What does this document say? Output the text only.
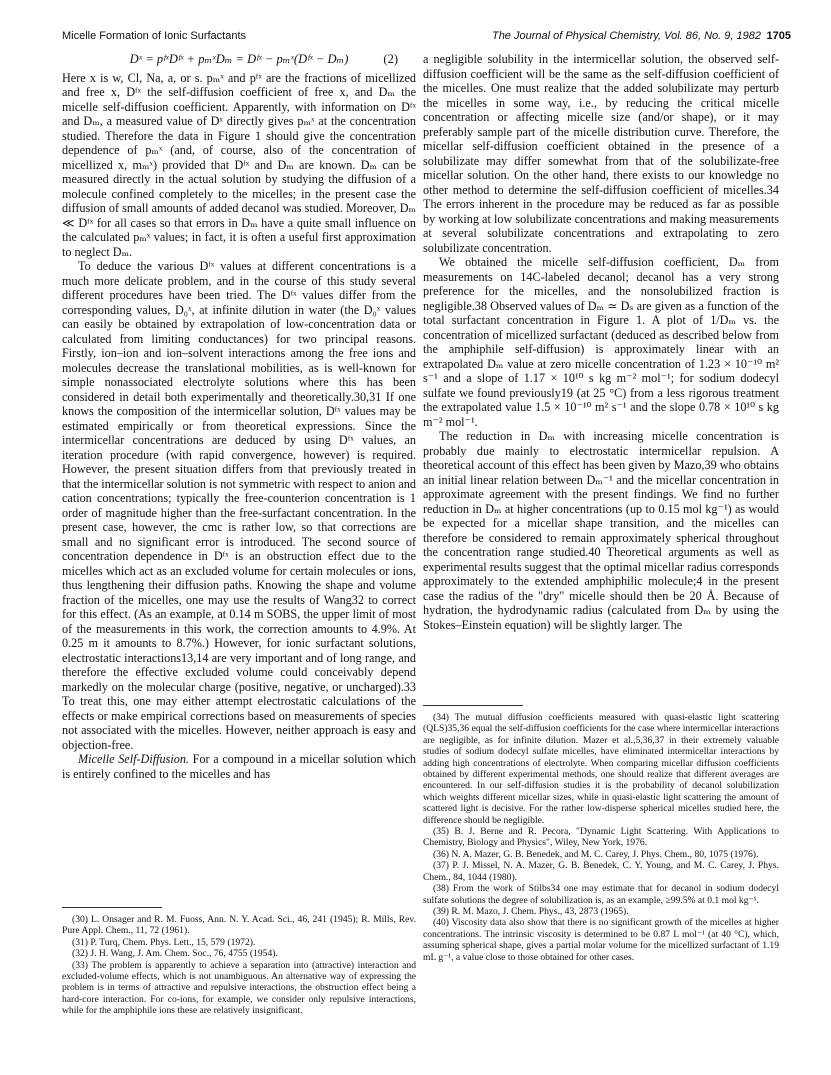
Micelle Formation of Ionic Surfactants	The Journal of Physical Chemistry, Vol. 86, No. 9, 1982 1705
Dˣ = pᶠˣDᶠˣ + pₘˣDₘ = Dᶠˣ − pₘˣ(Dᶠˣ − Dₘ)	(2)

Here x is w, Cl, Na, a, or s. pₘˣ and pᶠˣ are the fractions of micellized and free x, Dᶠˣ the self-diffusion coefficient of free x, and Dₘ the micelle self-diffusion coefficient. Apparently, with information on Dᶠˣ and Dₘ, a measured value of Dˣ directly gives pₘˣ at the concentration studied. Therefore the data in Figure 1 should give the concentration dependence of pₘˣ (and, of course, also of the concentration of micellized x, mₘˣ) provided that Dᶠˣ and Dₘ are known. Dₘ can be measured directly in the actual solution by studying the diffusion of a molecule confined completely to the micelles; in the present case the diffusion of small amounts of added decanol was studied. Moreover, Dₘ ≪ Dᶠˣ for all cases so that errors in Dₘ have a quite small influence on the calculated pₘˣ values; in fact, it is often a useful first approximation to neglect Dₘ.

To deduce the various Dᶠˣ values at different concentrations is a much more delicate problem, and in the course of this study several different procedures have been tried. The Dᶠˣ values differ from the corresponding values, D₀ˣ, at infinite dilution in water (the D₀ˣ values can easily be obtained by extrapolation of low-concentration data or calculated from limiting conductances) for two principal reasons. Firstly, ion–ion and ion–solvent interactions among the free ions and molecules decrease the translational mobilities, as is well-known for simple nonassociated electrolyte solutions where this has been considered in detail both experimentally and theoretically.30,31 If one knows the composition of the intermicellar solution, Dᶠˣ values may be estimated empirically or from theoretical expressions. Since the intermicellar concentrations are deduced by using Dᶠˣ values, an iteration procedure (with rapid convergence, however) is required. However, the present situation differs from that previously treated in that the intermicellar solution is not symmetric with respect to anion and cation concentrations; typically the free-counterion concentration is 1 order of magnitude higher than the free-surfactant concentration. In the present case, however, the cmc is rather low, so that corrections are small and no significant error is introduced. The second source of concentration dependence in Dᶠˣ is an obstruction effect due to the micelles which act as an excluded volume for certain molecules or ions, thus lengthening their diffusion paths. Knowing the shape and volume fraction of the micelles, one may use the results of Wang32 to correct for this effect. (As an example, at 0.14 m SOBS, the upper limit of most of the measurements in this work, the correction amounts to 4.9%. At 0.25 m it amounts to 8.7%.) However, for ionic surfactant solutions, electrostatic interactions13,14 are very important and of long range, and therefore the effective excluded volume could conceivably depend markedly on the molecular charge (positive, negative, or uncharged).33 To treat this, one may either attempt electrostatic calculations of the effects or make empirical corrections based on measurements of species not associated with the micelles. However, neither approach is easy and objection-free.

Micelle Self-Diffusion. For a compound in a micellar solution which is entirely confined to the micelles and has

a negligible solubility in the intermicellar solution, the observed self-diffusion coefficient will be the same as the self-diffusion coefficient of the micelles. One must realize that the added solubilizate may perturb the micelles in some way, i.e., by reducing the critical micelle concentration or affecting micelle size (and/or shape), or it may preferably sample part of the micelle distribution curve. Therefore, the micellar self-diffusion coefficient obtained in the presence of a solubilizate may differ somewhat from that of the solubilizate-free micellar solution. On the other hand, there exists to our knowledge no other method to determine the self-diffusion coefficient of micelles.34 The errors inherent in the procedure may be reduced as far as possible by working at low solubilizate concentrations and making measurements at several solubilizate concentrations and extrapolating to zero solubilizate concentration.

We obtained the micelle self-diffusion coefficient, Dₘ from measurements on 14C-labeled decanol; decanol has a very strong preference for the micelles, and the nonsolubilized fraction is negligible.38 Observed values of Dₘ ≃ Dₛ are given as a function of the total surfactant concentration in Figure 1. A plot of 1/Dₘ vs. the concentration of micellized surfactant (deduced as described below from the amphiphile self-diffusion) is approximately linear with an extrapolated Dₘ value at zero micelle concentration of 1.23 × 10⁻¹⁰ m² s⁻¹ and a slope of 1.17 × 10¹⁰ s kg m⁻² mol⁻¹; for sodium dodecyl sulfate we found previously19 (at 25 °C) from a less rigorous treatment the extrapolated value 1.5 × 10⁻¹⁰ m² s⁻¹ and the slope 0.78 × 10¹⁰ s kg m⁻² mol⁻¹.

The reduction in Dₘ with increasing micelle concentration is probably due mainly to electrostatic intermicellar repulsion. A theoretical account of this effect has been given by Mazo,39 who obtains an initial linear relation between Dₘ⁻¹ and the micellar concentration in approximate agreement with the present findings. We find no further reduction in Dₘ at higher concentrations (up to 0.15 mol kg⁻¹) as would be expected for a micellar shape transition, and the micelles can therefore be considered to remain approximately spherical throughout the concentration range studied.40 Theoretical arguments as well as experimental results suggest that the optimal micellar radius corresponds approximately to the extended amphiphilic molecule;4 in the present case the radius of the "dry" micelle should then be 20 Å. Because of hydration, the hydrodynamic radius (calculated from Dₘ by using the Stokes–Einstein equation) will be slightly larger. The

(30) L. Onsager and R. M. Fuoss, Ann. N. Y. Acad. Sci., 46, 241 (1945); R. Mills, Rev. Pure Appl. Chem., 11, 72 (1961).

(31) P. Turq, Chem. Phys. Lett., 15, 579 (1972).

(32) J. H. Wang, J. Am. Chem. Soc., 76, 4755 (1954).

(33) The problem is apparently to achieve a separation into (attractive) interaction and excluded-volume effects, which is not unambiguous. An alternative way of expressing the problem is in terms of attractive and repulsive interactions, the obstruction effect being a hard-core interaction. For co-ions, for example, we consider only repulsive interactions, while for the amphiphile ions these are relatively insignificant.

(34) The mutual diffusion coefficients measured with quasi-elastic light scattering (QLS)35,36 equal the self-diffusion coefficients for the case where intermicellar interactions are negligible, as for infinite dilution. Mazer et al.,5,36,37 in their extremely valuable studies of sodium dodecyl sulfate micelles, have eliminated intermicellar interactions by adding high concentrations of electrolyte. When comparing micellar diffusion coefficients obtained by different experimental methods, one should realize that different averages are encountered. In our self-diffusion studies it is the probability of decanol solubilization which weights different micellar sizes, while in quasi-elastic light scattering the amount of scattered light is decisive. For the rather low-disperse spherical micelles studied here, the difference should be negligible.

(35) B. J. Berne and R. Pecora, "Dynamic Light Scattering. With Applications to Chemistry, Biology and Physics", Wiley, New York, 1976.

(36) N. A. Mazer, G. B. Benedek, and M. C. Carey, J. Phys. Chem., 80, 1075 (1976).

(37) P. J. Missel, N. A. Mazer, G. B. Benedek, C. Y. Young, and M. C. Carey, J. Phys. Chem., 84, 1044 (1980).

(38) From the work of Stilbs34 one may estimate that for decanol in sodium dodecyl sulfate solutions the degree of solubilization is, as an example, ≥99.5% at 0.1 mol kg⁻¹.

(39) R. M. Mazo, J. Chem. Phys., 43, 2873 (1965).

(40) Viscosity data also show that there is no significant growth of the micelles at higher concentrations. The intrinsic viscosity is determined to be 0.87 L mol⁻¹ (at 40 °C), which, assuming spherical shape, gives a partial molar volume for the micellized surfactant of 1.19 mL g⁻¹, a value close to those obtained for other cases.
